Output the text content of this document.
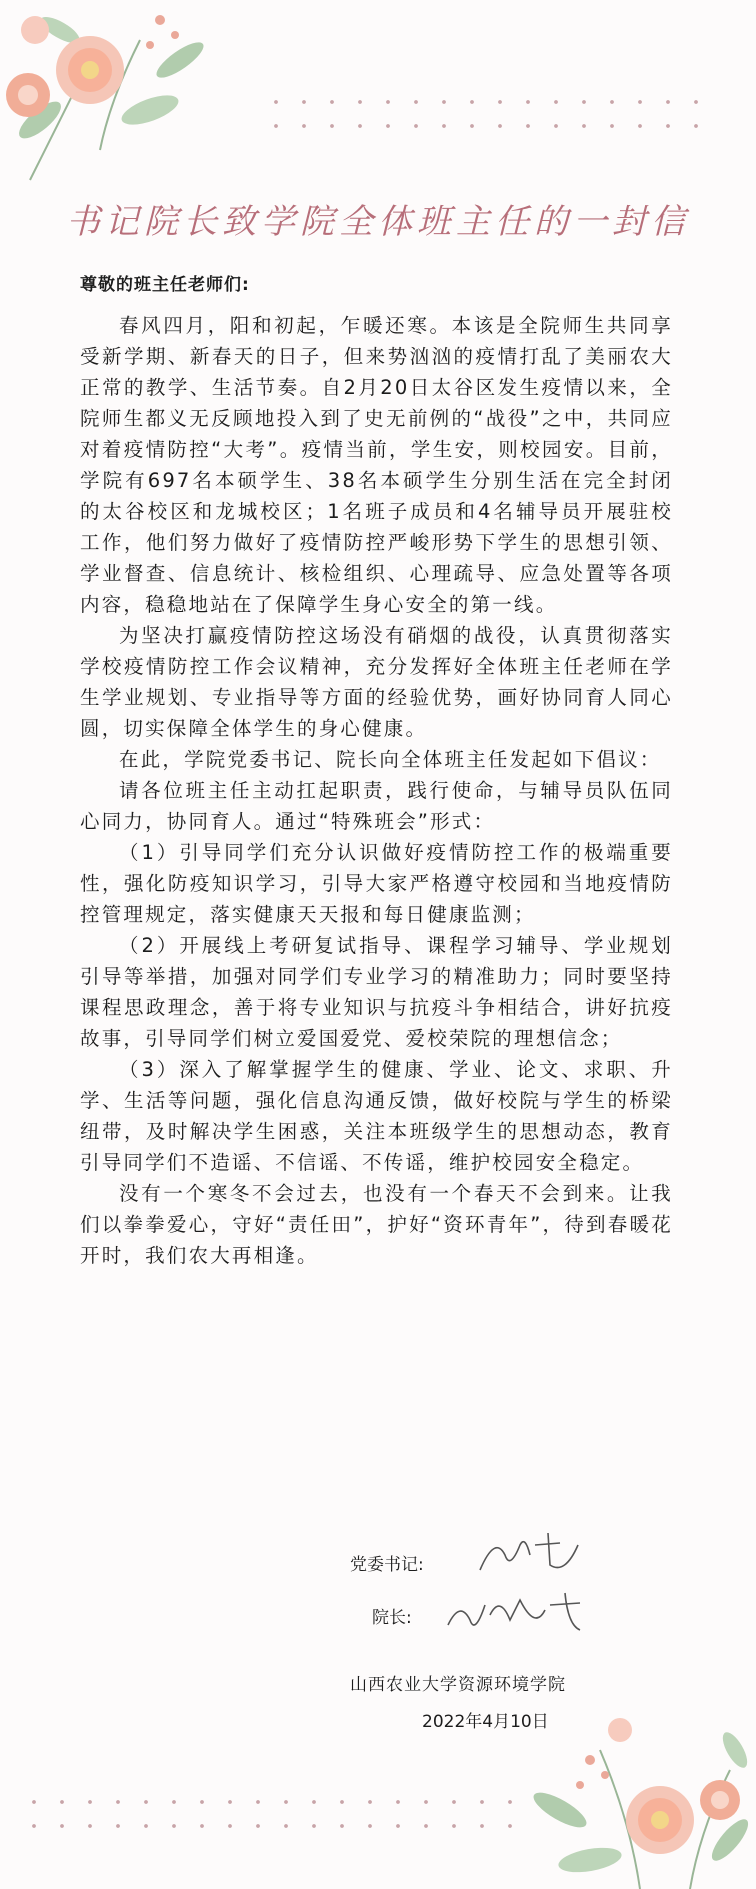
书记院长致学院全体班主任的一封信
尊敬的班主任老师们:

春风四月，阳和初起，乍暖还寒。本该是全院师生共同享受新学期、新春天的日子，但来势汹汹的疫情打乱了美丽农大正常的教学、生活节奏。自2月20日太谷区发生疫情以来，全院师生都义无反顾地投入到了史无前例的“战役”之中，共同应对着疫情防控“大考”。疫情当前，学生安，则校园安。目前，学院有697名本硕学生、38名本硕学生分别生活在完全封闭的太谷校区和龙城校区；1名班子成员和4名辅导员开展驻校工作，他们努力做好了疫情防控严峻形势下学生的思想引领、学业督查、信息统计、核检组织、心理疏导、应急处置等各项内容，稳稳地站在了保障学生身心安全的第一线。

为坚决打赢疫情防控这场没有硝烟的战役，认真贯彻落实学校疫情防控工作会议精神，充分发挥好全体班主任老师在学生学业规划、专业指导等方面的经验优势，画好协同育人同心圆，切实保障全体学生的身心健康。

在此，学院党委书记、院长向全体班主任发起如下倡议：

请各位班主任主动扛起职责，践行使命，与辅导员队伍同心同力，协同育人。通过“特殊班会”形式：

（1）引导同学们充分认识做好疫情防控工作的极端重要性，强化防疫知识学习，引导大家严格遵守校园和当地疫情防控管理规定，落实健康天天报和每日健康监测；

（2）开展线上考研复试指导、课程学习辅导、学业规划引导等举措，加强对同学们专业学习的精准助力；同时要坚持课程思政理念，善于将专业知识与抗疫斗争相结合，讲好抗疫故事，引导同学们树立爱国爱党、爱校荣院的理想信念；

（3）深入了解掌握学生的健康、学业、论文、求职、升学、生活等问题，强化信息沟通反馈，做好校院与学生的桥梁纽带，及时解决学生困惑，关注本班级学生的思想动态，教育引导同学们不造谣、不信谣、不传谣，维护校园安全稳定。

没有一个寒冬不会过去，也没有一个春天不会到来。让我们以拳拳爱心，守好“责任田”，护好“资环青年”，待到春暖花开时，我们农大再相逢。

党委书记:
院长:
山西农业大学资源环境学院
2022年4月10日
